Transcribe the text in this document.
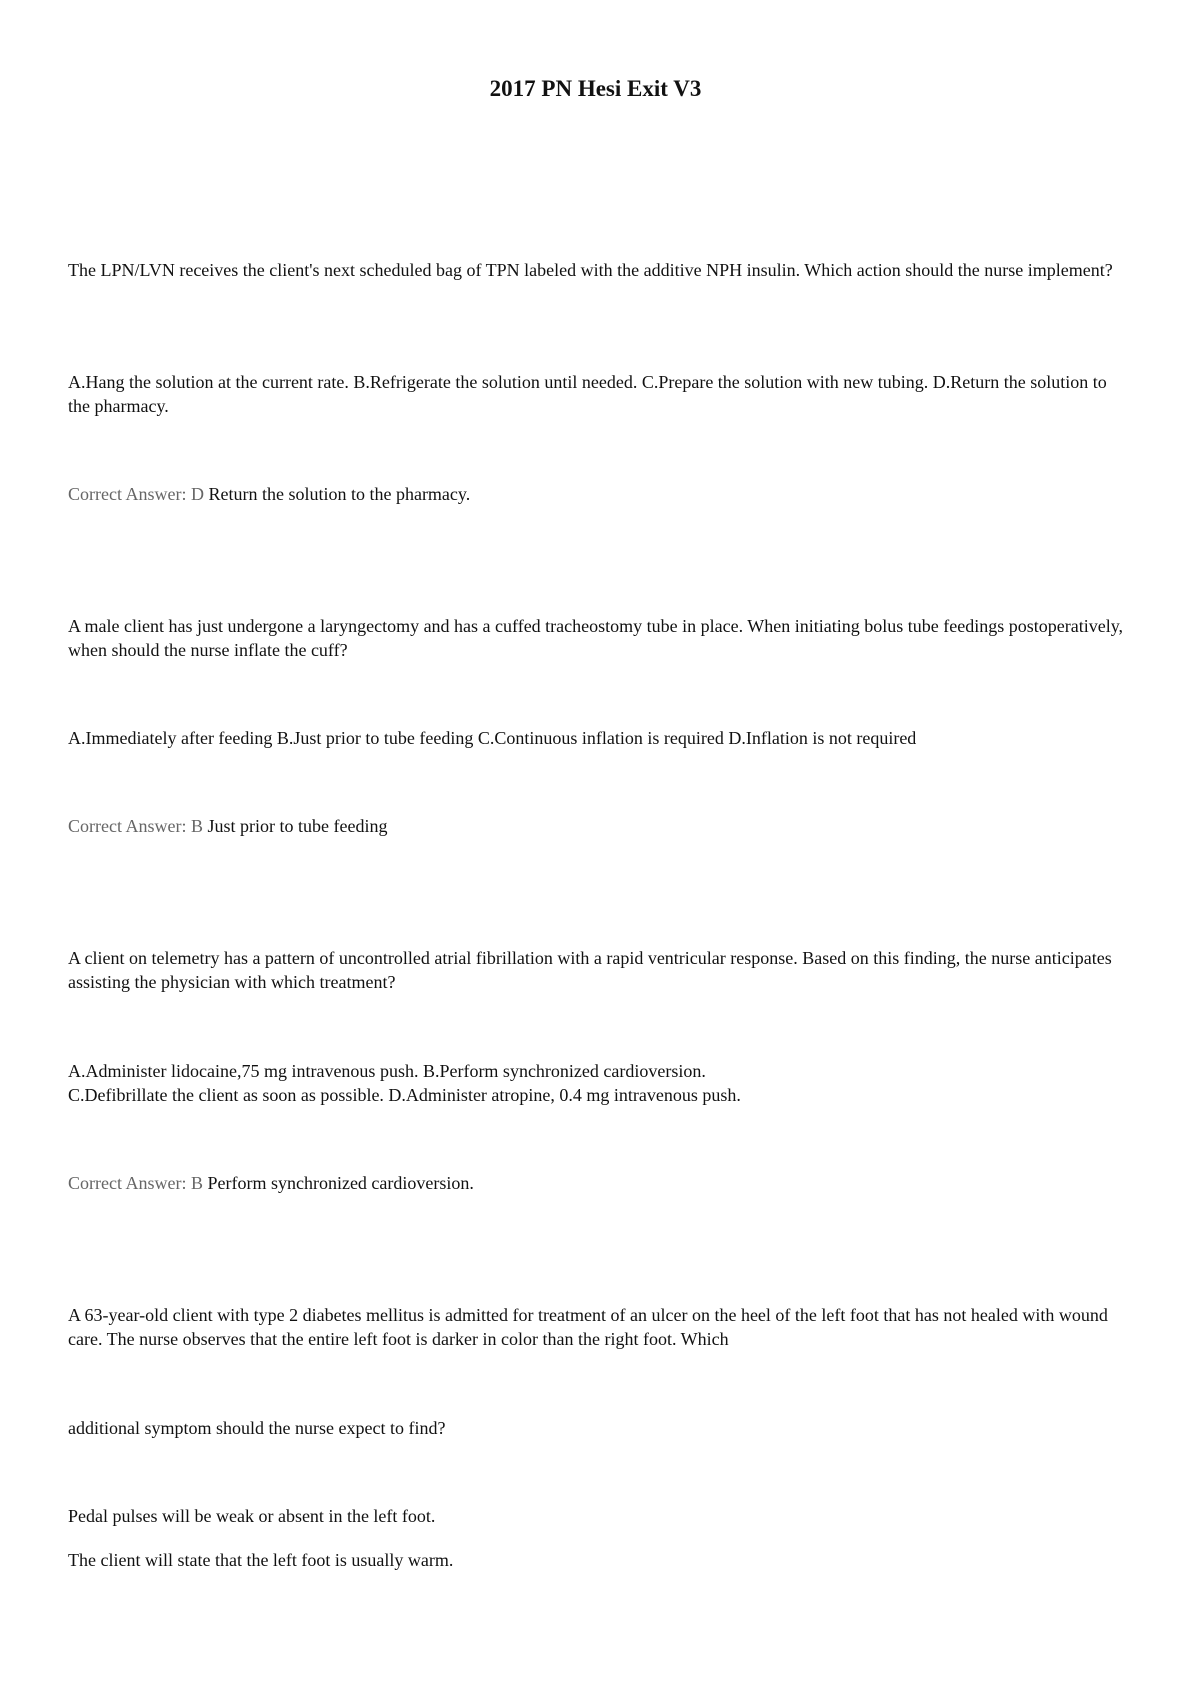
2017 PN Hesi Exit V3

The LPN/LVN receives the client's next scheduled bag of TPN labeled with the additive NPH insulin. Which action should the nurse implement?

A.Hang the solution at the current rate. B.Refrigerate the solution until needed. C.Prepare the solution with new tubing. D.Return the solution to the pharmacy.

Correct Answer: D Return the solution to the pharmacy.

A male client has just undergone a laryngectomy and has a cuffed tracheostomy tube in place. When initiating bolus tube feedings postoperatively, when should the nurse inflate the cuff?

A.Immediately after feeding B.Just prior to tube feeding C.Continuous inflation is required D.Inflation is not required

Correct Answer: B Just prior to tube feeding

A client on telemetry has a pattern of uncontrolled atrial fibrillation with a rapid ventricular response. Based on this finding, the nurse anticipates assisting the physician with which treatment?

A.Administer lidocaine,75 mg intravenous push. B.Perform synchronized cardioversion.

C.Defibrillate the client as soon as possible. D.Administer atropine, 0.4 mg intravenous push.

Correct Answer: B Perform synchronized cardioversion.

A 63-year-old client with type 2 diabetes mellitus is admitted for treatment of an ulcer on the heel of the left foot that has not healed with wound care. The nurse observes that the entire left foot is darker in color than the right foot. Which

additional symptom should the nurse expect to find?

Pedal pulses will be weak or absent in the left foot.

The client will state that the left foot is usually warm.
